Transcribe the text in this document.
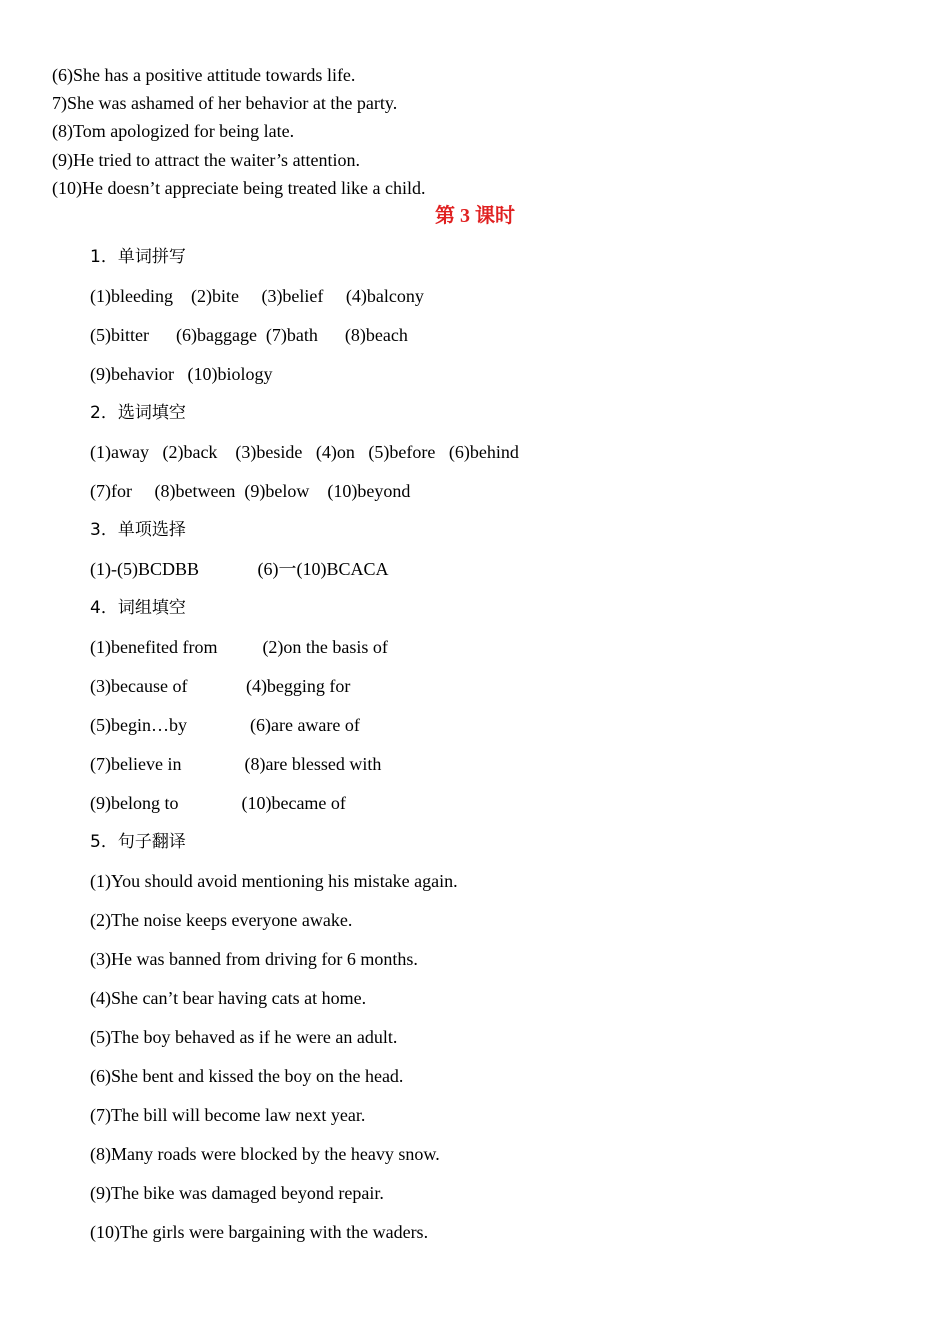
(6)She has a positive attitude towards life.
7)She was ashamed of her behavior at the party.
(8)Tom apologized for being late.
(9)He tried to attract the waiter’s attention.
(10)He doesn’t appreciate being treated like a child.
第 3 课时
1．单词拼写
(1)bleeding    (2)bite     (3)belief     (4)balcony
(5)bitter      (6)baggage  (7)bath      (8)beach
(9)behavior   (10)biology
2．选词填空
(1)away   (2)back    (3)beside   (4)on   (5)before   (6)behind
(7)for     (8)between  (9)below    (10)beyond
3．单项选择
(1)-(5)BCDBB             (6)一(10)BCACA
4．词组填空
(1)benefited from          (2)on the basis of
(3)because of             (4)begging for
(5)begin…by              (6)are aware of
(7)believe in              (8)are blessed with
(9)belong to              (10)became of
5．句子翻译
(1)You should avoid mentioning his mistake again.
(2)The noise keeps everyone awake.
(3)He was banned from driving for 6 months.
(4)She can’t bear having cats at home.
(5)The boy behaved as if he were an adult.
(6)She bent and kissed the boy on the head.
(7)The bill will become law next year.
(8)Many roads were blocked by the heavy snow.
(9)The bike was damaged beyond repair.
(10)The girls were bargaining with the waders.
